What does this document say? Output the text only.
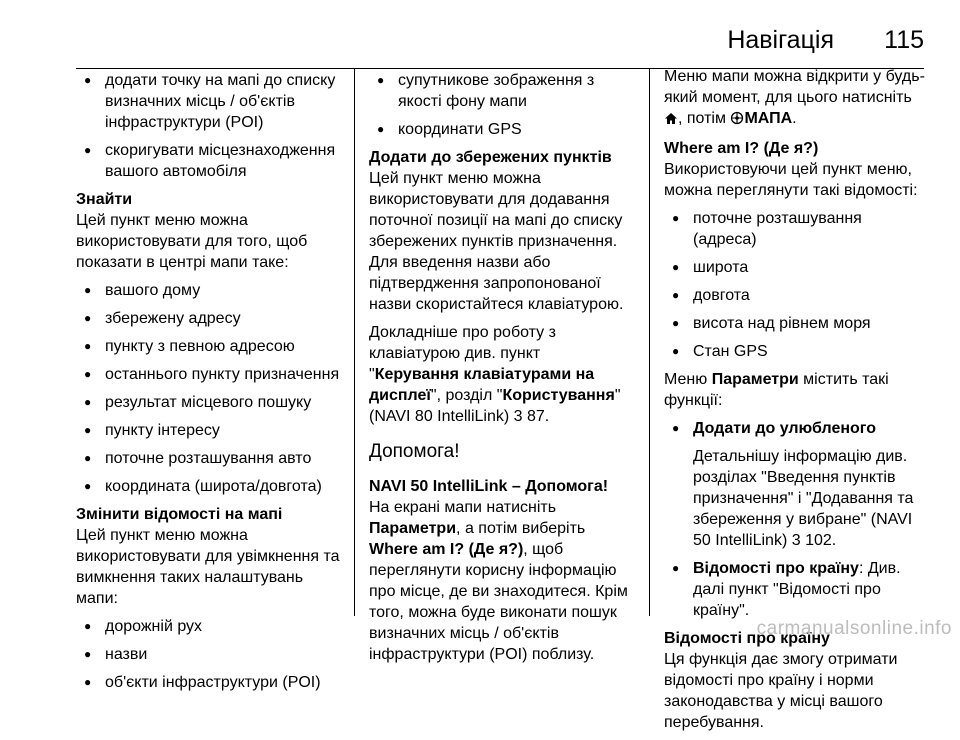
Навігація 115
● додати точку на мапі до списку визначних місць / об'єктів інфраструктури (POI)
● скоригувати місцезнаходження вашого автомобіля
Знайти
Цей пункт меню можна використовувати для того, щоб показати в центрі мапи таке:
● вашого дому
● збережену адресу
● пункту з певною адресою
● останнього пункту призначення
● результат місцевого пошуку
● пункту інтересу
● поточне розташування авто
● координата (широта/довгота)
Змінити відомості на мапі
Цей пункт меню можна використовувати для увімкнення та вимкнення таких налаштувань мапи:
● дорожній рух
● назви
● об'єкти інфраструктури (POI)
● супутникове зображення з якості фону мапи
● координати GPS
Додати до збережених пунктів
Цей пункт меню можна використовувати для додавання поточної позиції на мапі до списку збережених пунктів призначення. Для введення назви або підтвердження запропонованої назви скористайтеся клавіатурою.
Докладніше про роботу з клавіатурою див. пункт "Керування клавіатурами на дисплеї", розділ "Користування" (NAVI 80 IntelliLink) 3 87.
Допомога!
NAVI 50 IntelliLink – Допомога!
На екрані мапи натисніть Параметри, а потім виберіть Where am I? (Де я?), щоб переглянути корисну інформацію про місце, де ви знаходитеся. Крім того, можна буде виконати пошук визначних місць / об'єктів інфраструктури (POI) поблизу.
Меню мапи можна відкрити у будь-який момент, для цього натисніть , потім МАПА.
Where am I? (Де я?)
Використовуючи цей пункт меню, можна переглянути такі відомості:
● поточне розташування (адреса)
● широта
● довгота
● висота над рівнем моря
● Стан GPS
Меню Параметри містить такі функції:
● Додати до улюбленого
Детальнішу інформацію див. розділах "Введення пунктів призначення" і "Додавання та збереження у вибране" (NAVI 50 IntelliLink) 3 102.
● Відомості про країну: Див. далі пункт "Відомості про країну".
Відомості про країну
Ця функція дає змогу отримати відомості про країну і норми законодавства у місці вашого перебування.
carmanualsonline.info
